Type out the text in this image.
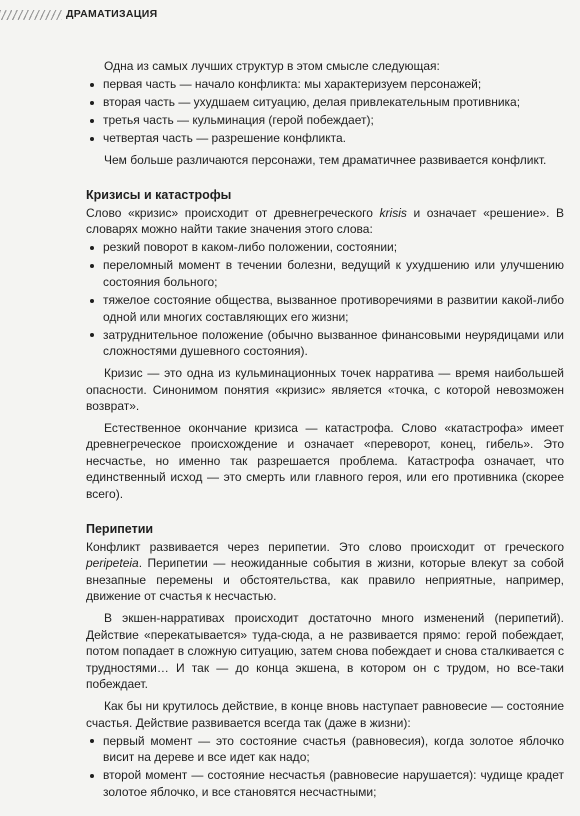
ДРАМАТИЗАЦИЯ

Одна из самых лучших структур в этом смысле следующая:

первая часть — начало конфликта: мы характеризуем персонажей;
вторая часть — ухудшаем ситуацию, делая привлекательным противника;
третья часть — кульминация (герой побеждает);
четвертая часть — разрешение конфликта.

Чем больше различаются персонажи, тем драматичнее развивается конфликт.

Кризисы и катастрофы

Слово «кризис» происходит от древнегреческого krisis и означает «решение». В словарях можно найти такие значения этого слова:

резкий поворот в каком-либо положении, состоянии;
переломный момент в течении болезни, ведущий к ухудшению или улучшению состояния больного;
тяжелое состояние общества, вызванное противоречиями в развитии какой-либо одной или многих составляющих его жизни;
затруднительное положение (обычно вызванное финансовыми неурядицами или сложностями душевного состояния).

Кризис — это одна из кульминационных точек нарратива — время наибольшей опасности. Синонимом понятия «кризис» является «точка, с которой невозможен возврат».

Естественное окончание кризиса — катастрофа. Слово «катастрофа» имеет древнегреческое происхождение и означает «переворот, конец, гибель». Это несчастье, но именно так разрешается проблема. Катастрофа означает, что единственный исход — это смерть или главного героя, или его противника (скорее всего).

Перипетии

Конфликт развивается через перипетии. Это слово происходит от греческого peripeteia. Перипетии — неожиданные события в жизни, которые влекут за собой внезапные перемены и обстоятельства, как правило неприятные, например, движение от счастья к несчастью.

В экшен-нарративах происходит достаточно много изменений (перипетий). Действие «перекатывается» туда-сюда, а не развивается прямо: герой побеждает, потом попадает в сложную ситуацию, затем снова побеждает и снова сталкивается с трудностями… И так — до конца экшена, в котором он с трудом, но все-таки побеждает.

Как бы ни крутилось действие, в конце вновь наступает равновесие — состояние счастья. Действие развивается всегда так (даже в жизни):

первый момент — это состояние счастья (равновесия), когда золотое яблочко висит на дереве и все идет как надо;
второй момент — состояние несчастья (равновесие нарушается): чудище крадет золотое яблочко, и все становятся несчастными;
